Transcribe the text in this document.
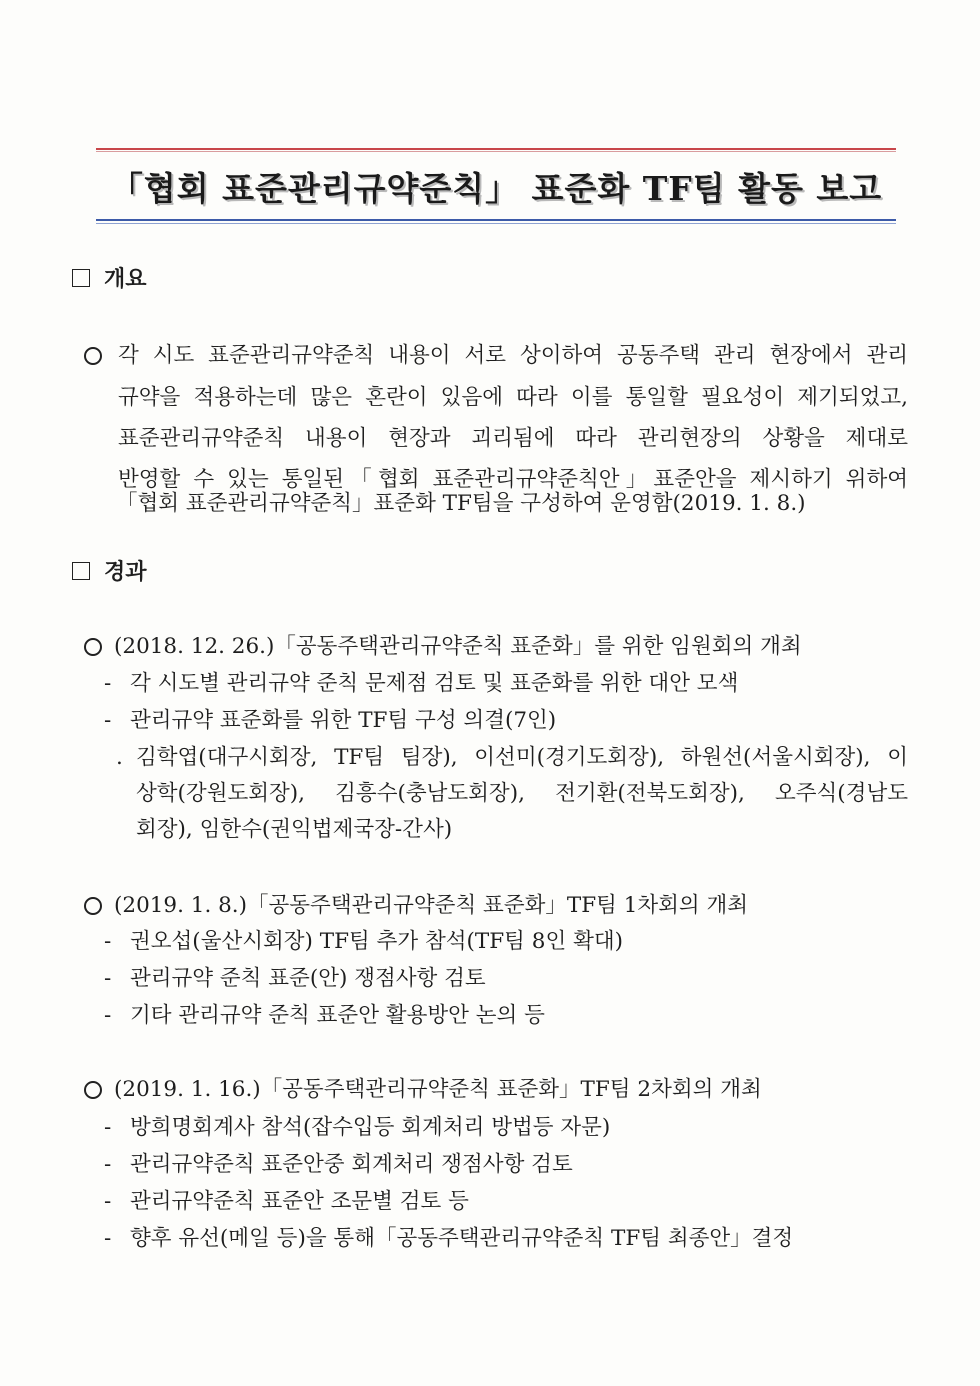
「협회 표준관리규약준칙」 표준화 TF팀 활동 보고
개요
각 시도 표준관리규약준칙 내용이 서로 상이하여 공동주택 관리 현장에서 관리
규약을 적용하는데 많은 혼란이 있음에 따라 이를 통일할 필요성이 제기되었고,
표준관리규약준칙 내용이 현장과 괴리됨에 따라 관리현장의 상황을 제대로
반영할 수 있는 통일된「협회 표준관리규약준칙안」표준안을 제시하기 위하여
「협회 표준관리규약준칙」표준화 TF팀을 구성하여 운영함(2019. 1. 8.)
경과
(2018. 12. 26.)「공동주택관리규약준칙 표준화」를 위한 임원회의 개최
- 각 시도별 관리규약 준칙 문제점 검토 및 표준화를 위한 대안 모색
- 관리규약 표준화를 위한 TF팀 구성 의결(7인)
. 김학엽(대구시회장, TF팀 팀장), 이선미(경기도회장), 하원선(서울시회장), 이
상학(강원도회장), 김흥수(충남도회장), 전기환(전북도회장), 오주식(경남도
회장), 임한수(권익법제국장-간사)
(2019. 1. 8.)「공동주택관리규약준칙 표준화」TF팀 1차회의 개최
- 권오섭(울산시회장) TF팀 추가 참석(TF팀 8인 확대)
- 관리규약 준칙 표준(안) 쟁점사항 검토
- 기타 관리규약 준칙 표준안 활용방안 논의 등
(2019. 1. 16.)「공동주택관리규약준칙 표준화」TF팀 2차회의 개최
- 방희명회계사 참석(잡수입등 회계처리 방법등 자문)
- 관리규약준칙 표준안중 회계처리 쟁점사항 검토
- 관리규약준칙 표준안 조문별 검토 등
- 향후 유선(메일 등)을 통해「공동주택관리규약준칙 TF팀 최종안」결정
